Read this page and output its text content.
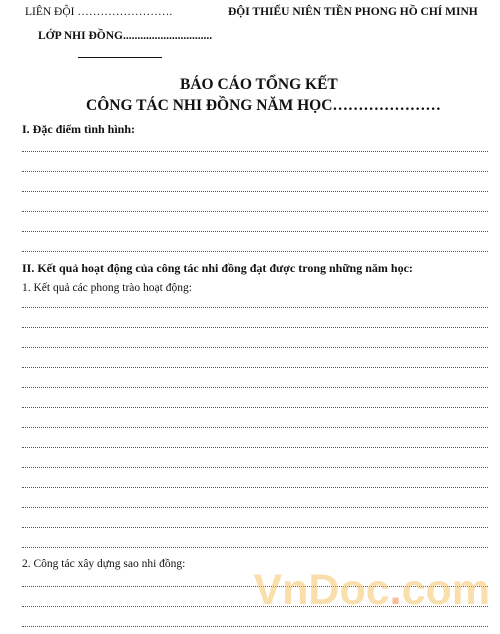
LIÊN ĐỘI …………………….	ĐỘI THIẾU NIÊN TIỀN PHONG HỒ CHÍ MINH
LỚP NHI ĐỒNG...............................
BÁO CÁO TỔNG KẾT
CÔNG TÁC NHI ĐỒNG NĂM HỌC…………………
I. Đặc điểm tình hình:
II. Kết quả hoạt động của công tác nhi đồng đạt được trong những năm học:
1. Kết quả các phong trào hoạt động:
2. Công tác xây dựng sao nhi đồng:
VnDoc.com
